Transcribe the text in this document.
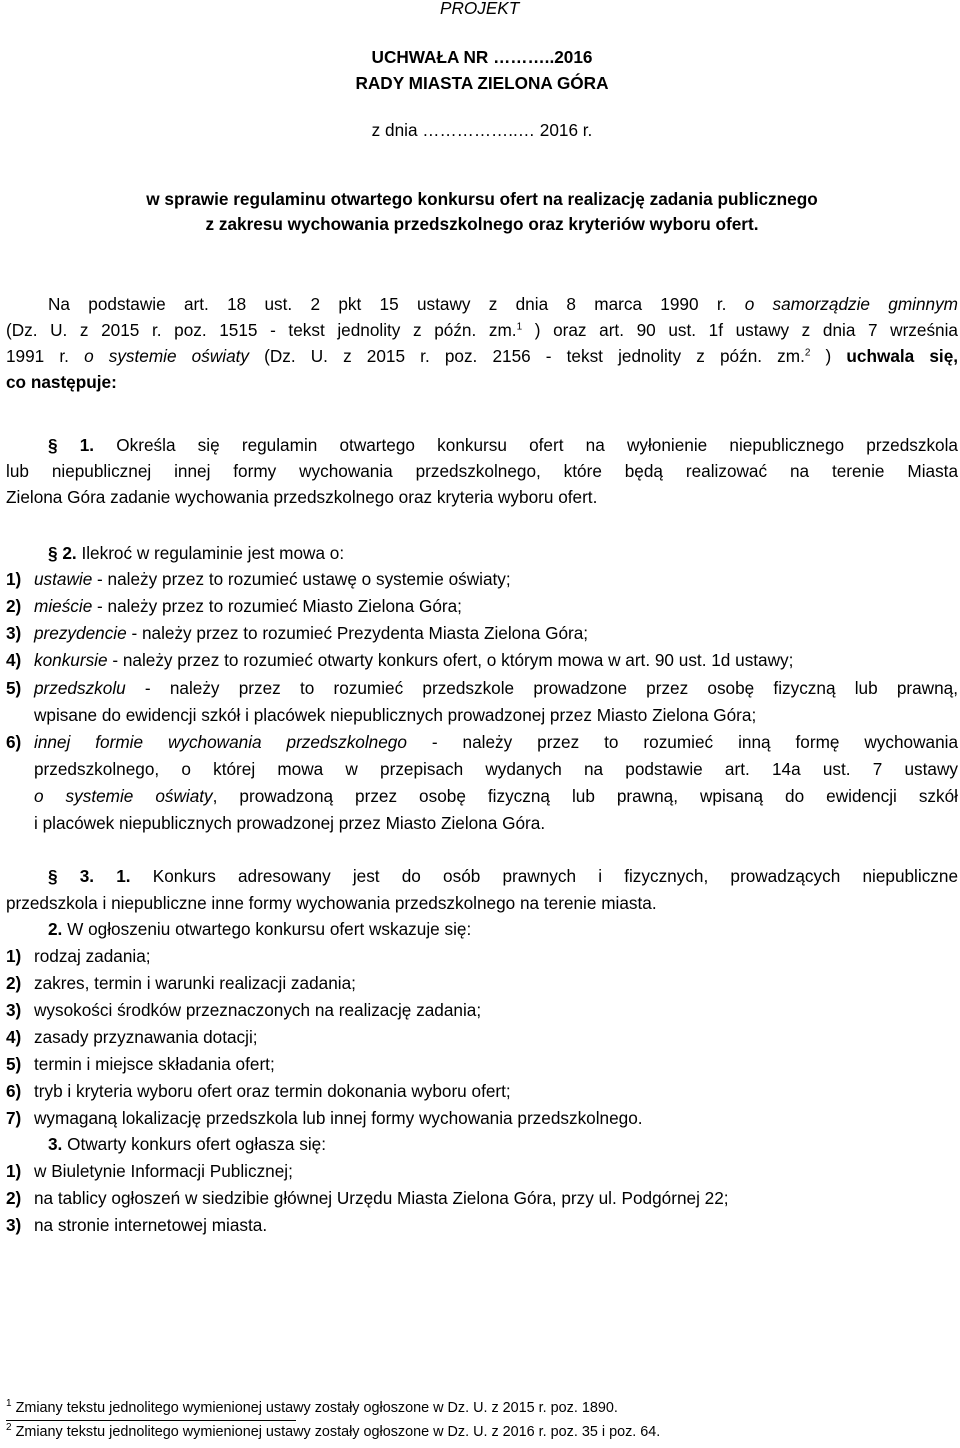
PROJEKT
UCHWAŁA NR ………..2016
RADY MIASTA ZIELONA GÓRA
z dnia ……………..… 2016 r.
w sprawie regulaminu otwartego konkursu ofert na realizację zadania publicznego
z zakresu wychowania przedszkolnego oraz kryteriów wyboru ofert.
Na podstawie art. 18 ust. 2 pkt 15 ustawy z dnia 8 marca 1990 r. o samorządzie gminnym
(Dz. U. z 2015 r. poz. 1515 - tekst jednolity z późn. zm.$^1$ ) oraz art. 90 ust. 1f ustawy z dnia 7 września
1991 r. o systemie oświaty (Dz. U. z 2015 r. poz. 2156 - tekst jednolity z późn. zm.$^2$ ) uchwala się,
co następuje:
§ 1. Określa się regulamin otwartego konkursu ofert na wyłonienie niepublicznego przedszkola
lub niepublicznej innej formy wychowania przedszkolnego, które będą realizować na terenie Miasta
Zielona Góra zadanie wychowania przedszkolnego oraz kryteria wyboru ofert.
§ 2. Ilekroć w regulaminie jest mowa o:
1) ustawie - należy przez to rozumieć ustawę o systemie oświaty;
2) mieście - należy przez to rozumieć Miasto Zielona Góra;
3) prezydencie - należy przez to rozumieć Prezydenta Miasta Zielona Góra;
4) konkursie - należy przez to rozumieć otwarty konkurs ofert, o którym mowa w art. 90 ust. 1d ustawy;
5) przedszkolu - należy przez to rozumieć przedszkole prowadzone przez osobę fizyczną lub prawną,
wpisane do ewidencji szkół i placówek niepublicznych prowadzonej przez Miasto Zielona Góra;
6) innej formie wychowania przedszkolnego - należy przez to rozumieć inną formę wychowania
przedszkolnego, o której mowa w przepisach wydanych na podstawie art. 14a ust. 7 ustawy
o systemie oświaty, prowadzoną przez osobę fizyczną lub prawną, wpisaną do ewidencji szkół
i placówek niepublicznych prowadzonej przez Miasto Zielona Góra.
§ 3. 1. Konkurs adresowany jest do osób prawnych i fizycznych, prowadzących niepubliczne
przedszkola i niepubliczne inne formy wychowania przedszkolnego na terenie miasta.
2. W ogłoszeniu otwartego konkursu ofert wskazuje się:
1) rodzaj zadania;
2) zakres, termin i warunki realizacji zadania;
3) wysokości środków przeznaczonych na realizację zadania;
4) zasady przyznawania dotacji;
5) termin i miejsce składania ofert;
6) tryb i kryteria wyboru ofert oraz termin dokonania wyboru ofert;
7) wymaganą lokalizację przedszkola lub innej formy wychowania przedszkolnego.
3. Otwarty konkurs ofert ogłasza się:
1) w Biuletynie Informacji Publicznej;
2) na tablicy ogłoszeń w siedzibie głównej Urzędu Miasta Zielona Góra, przy ul. Podgórnej 22;
3) na stronie internetowej miasta.
$^1$ Zmiany tekstu jednolitego wymienionej ustawy zostały ogłoszone w Dz. U. z 2015 r. poz. 1890.
$^2$ Zmiany tekstu jednolitego wymienionej ustawy zostały ogłoszone w Dz. U. z 2016 r. poz. 35 i poz. 64.
